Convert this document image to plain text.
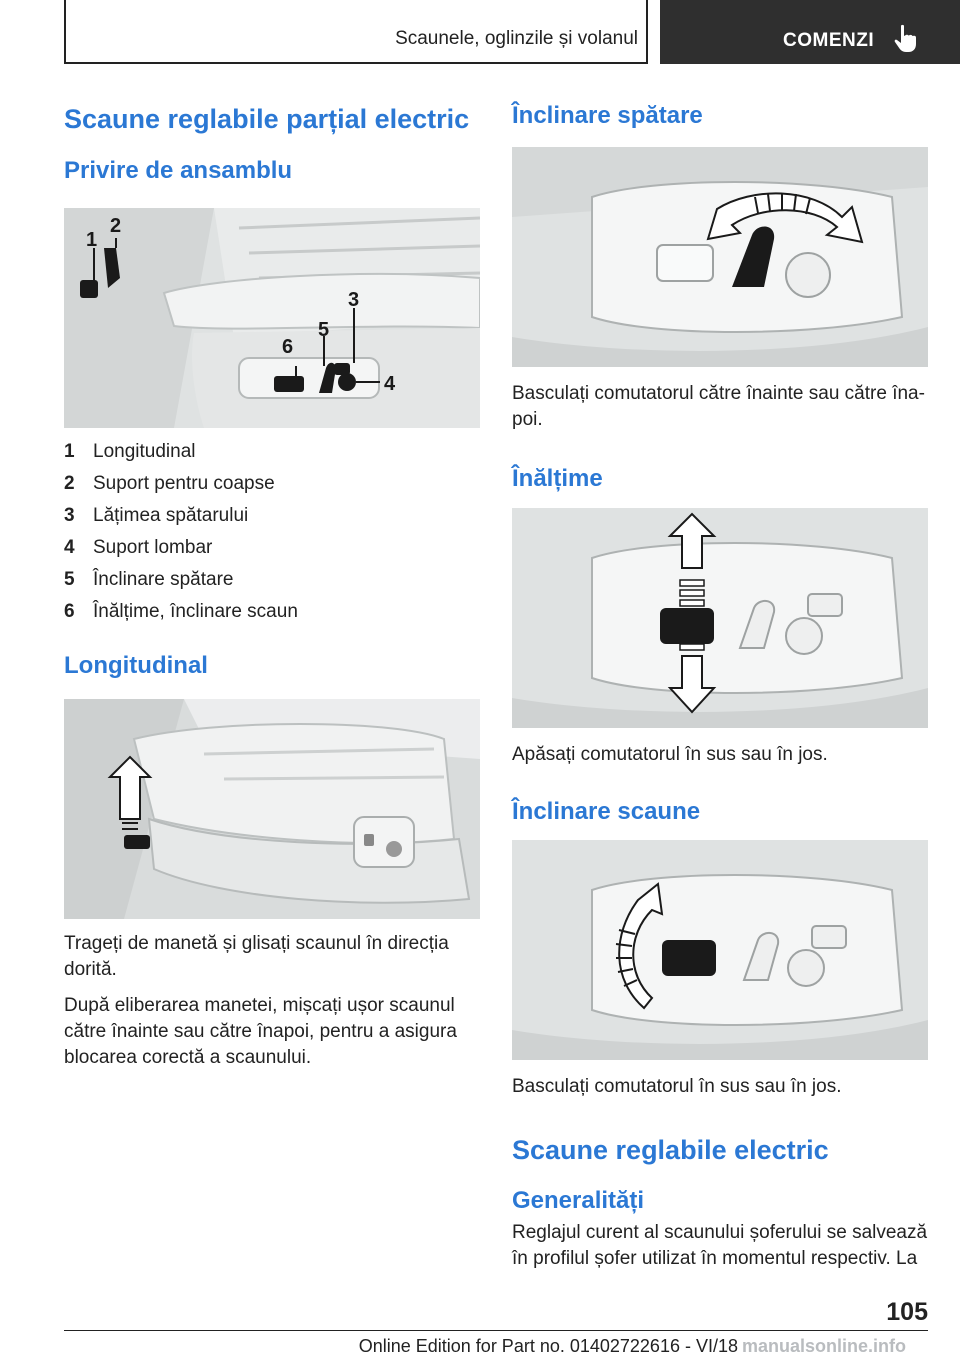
Scaunele, oglinzile și volanul	COMENZI
Scaune reglabile parțial electric
Privire de ansamblu
1
2
3
4
5
6
1 Longitudinal
2 Suport pentru coapse
3 Lățimea spătarului
4 Suport lombar
5 Înclinare spătare
6 Înălțime, înclinare scaun
Longitudinal

Trageți de manetă și glisați scaunul în direcția dorită.

După eliberarea manetei, mișcați ușor scaunul către înainte sau către înapoi, pentru a asigura blocarea corectă a scaunului.

Înclinare spătare

Basculați comutatorul către înainte sau către îna-poi.

Înălțime

Apăsați comutatorul în sus sau în jos.

Înclinare scaune

Basculați comutatorul în sus sau în jos.

Scaune reglabile electric
Generalități

Reglajul curent al scaunului șoferului se salvează în profilul șofer utilizat în momentul respectiv. La

105
Online Edition for Part no. 01402722616 - VI/18 manualsonline.info
